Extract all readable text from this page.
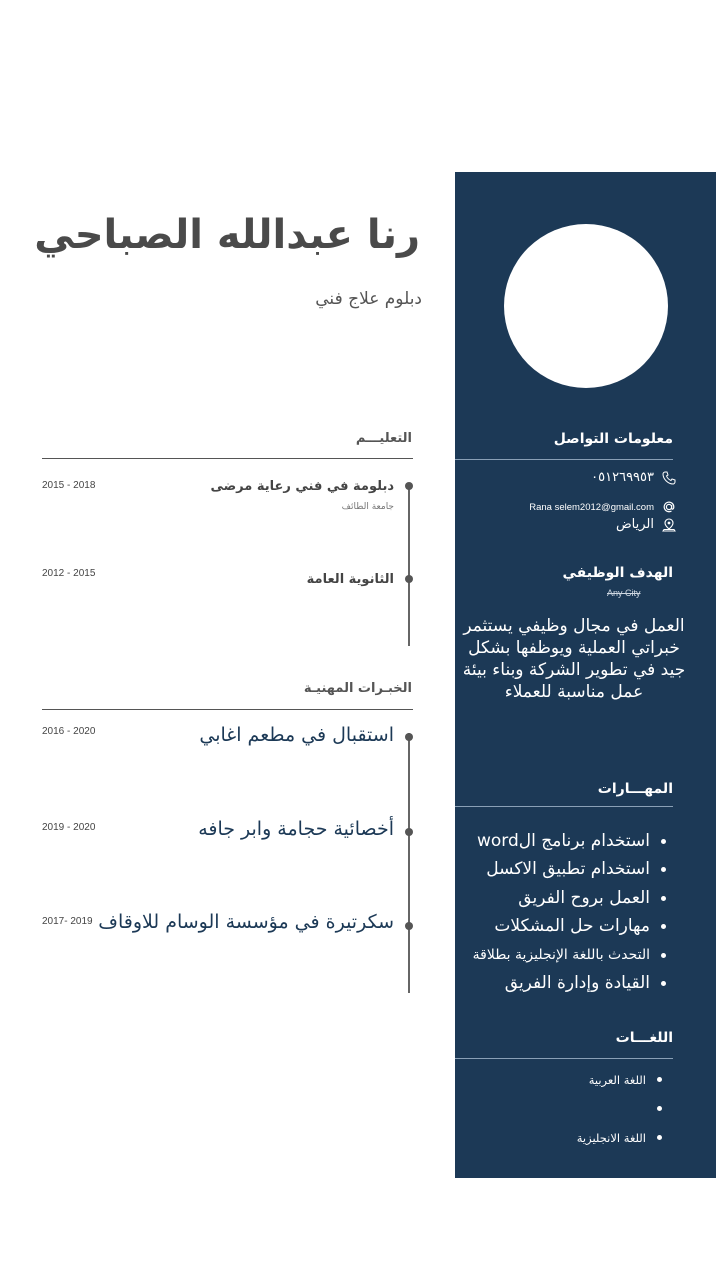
معلومات التواصل
٠٥١٢٦٩٩٥٣
Rana selem2012@gmail.com
الرياض
الهدف الوظيفي
Any City
العمل في مجال وظيفي يستثمر خبراتي العملية ويوظفها بشكل جيد في تطوير الشركة وبناء بيئة عمل مناسبة للعملاء
المهـــارات
استخدام برنامج الword
استخدام تطبيق الاكسل
العمل بروح الفريق
مهارات حل المشكلات
التحدث باللغة الإنجليزية بطلاقة
القيادة وإدارة الفريق
اللغـــات
اللغة العربية
اللغة الانجليزية
رنا عبدالله الصباحي
دبلوم علاج فني
التعليـــم
دبلومة في فني رعاية مرضى
جامعة الطائف
2015 - 2018
الثانوية العامة
2012 - 2015
الخبـرات المهنيـة
استقبال في مطعم اغابي
2016 - 2020
أخصائية حجامة وابر جافه
2019 - 2020
سكرتيرة في مؤسسة الوسام للاوقاف
2017- 2019
